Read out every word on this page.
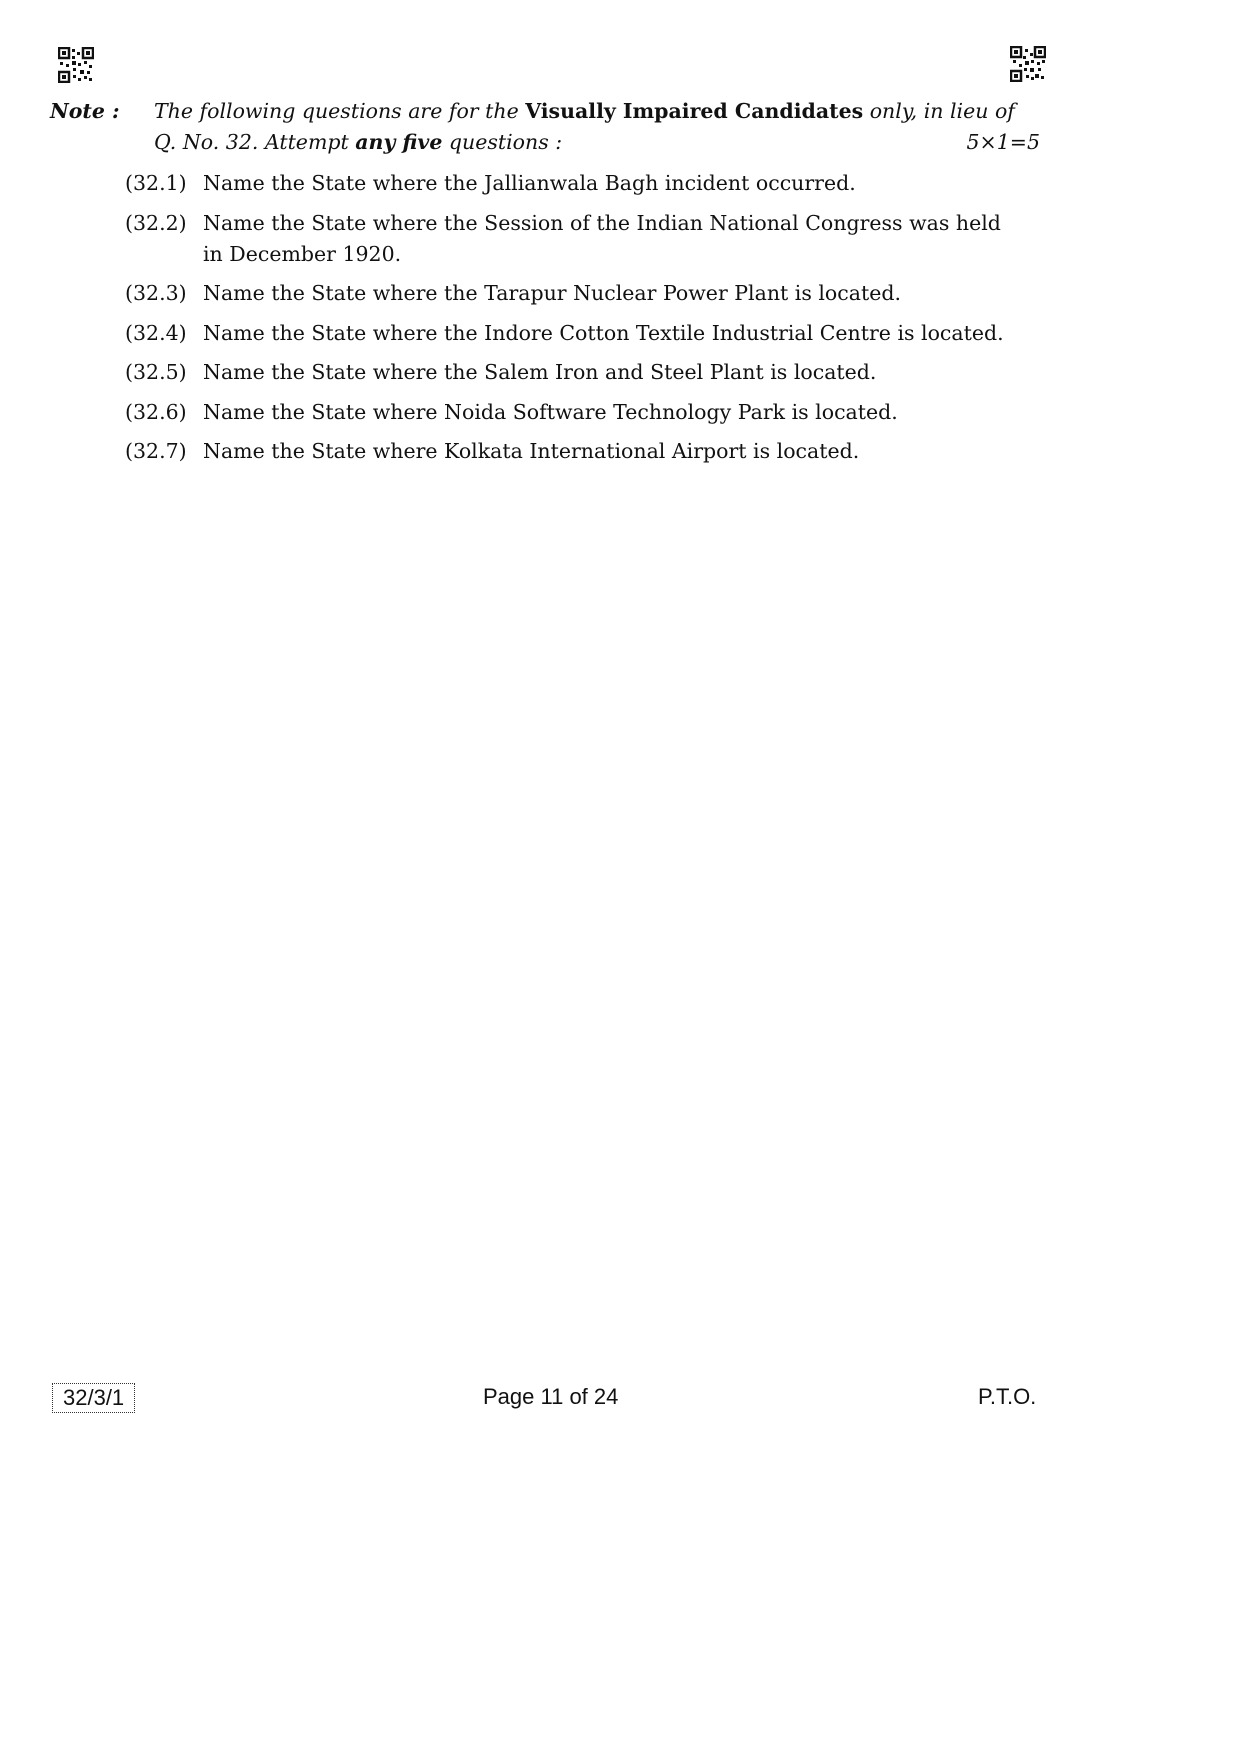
Note : The following questions are for the Visually Impaired Candidates only, in lieu of
Q. No. 32. Attempt any five questions :	5×1=5
(32.1) Name the State where the Jallianwala Bagh incident occurred.
(32.2) Name the State where the Session of the Indian National Congress was held in December 1920.
(32.3) Name the State where the Tarapur Nuclear Power Plant is located.
(32.4) Name the State where the Indore Cotton Textile Industrial Centre is located.
(32.5) Name the State where the Salem Iron and Steel Plant is located.
(32.6) Name the State where Noida Software Technology Park is located.
(32.7) Name the State where Kolkata International Airport is located.
32/3/1	Page 11 of 24	P.T.O.
